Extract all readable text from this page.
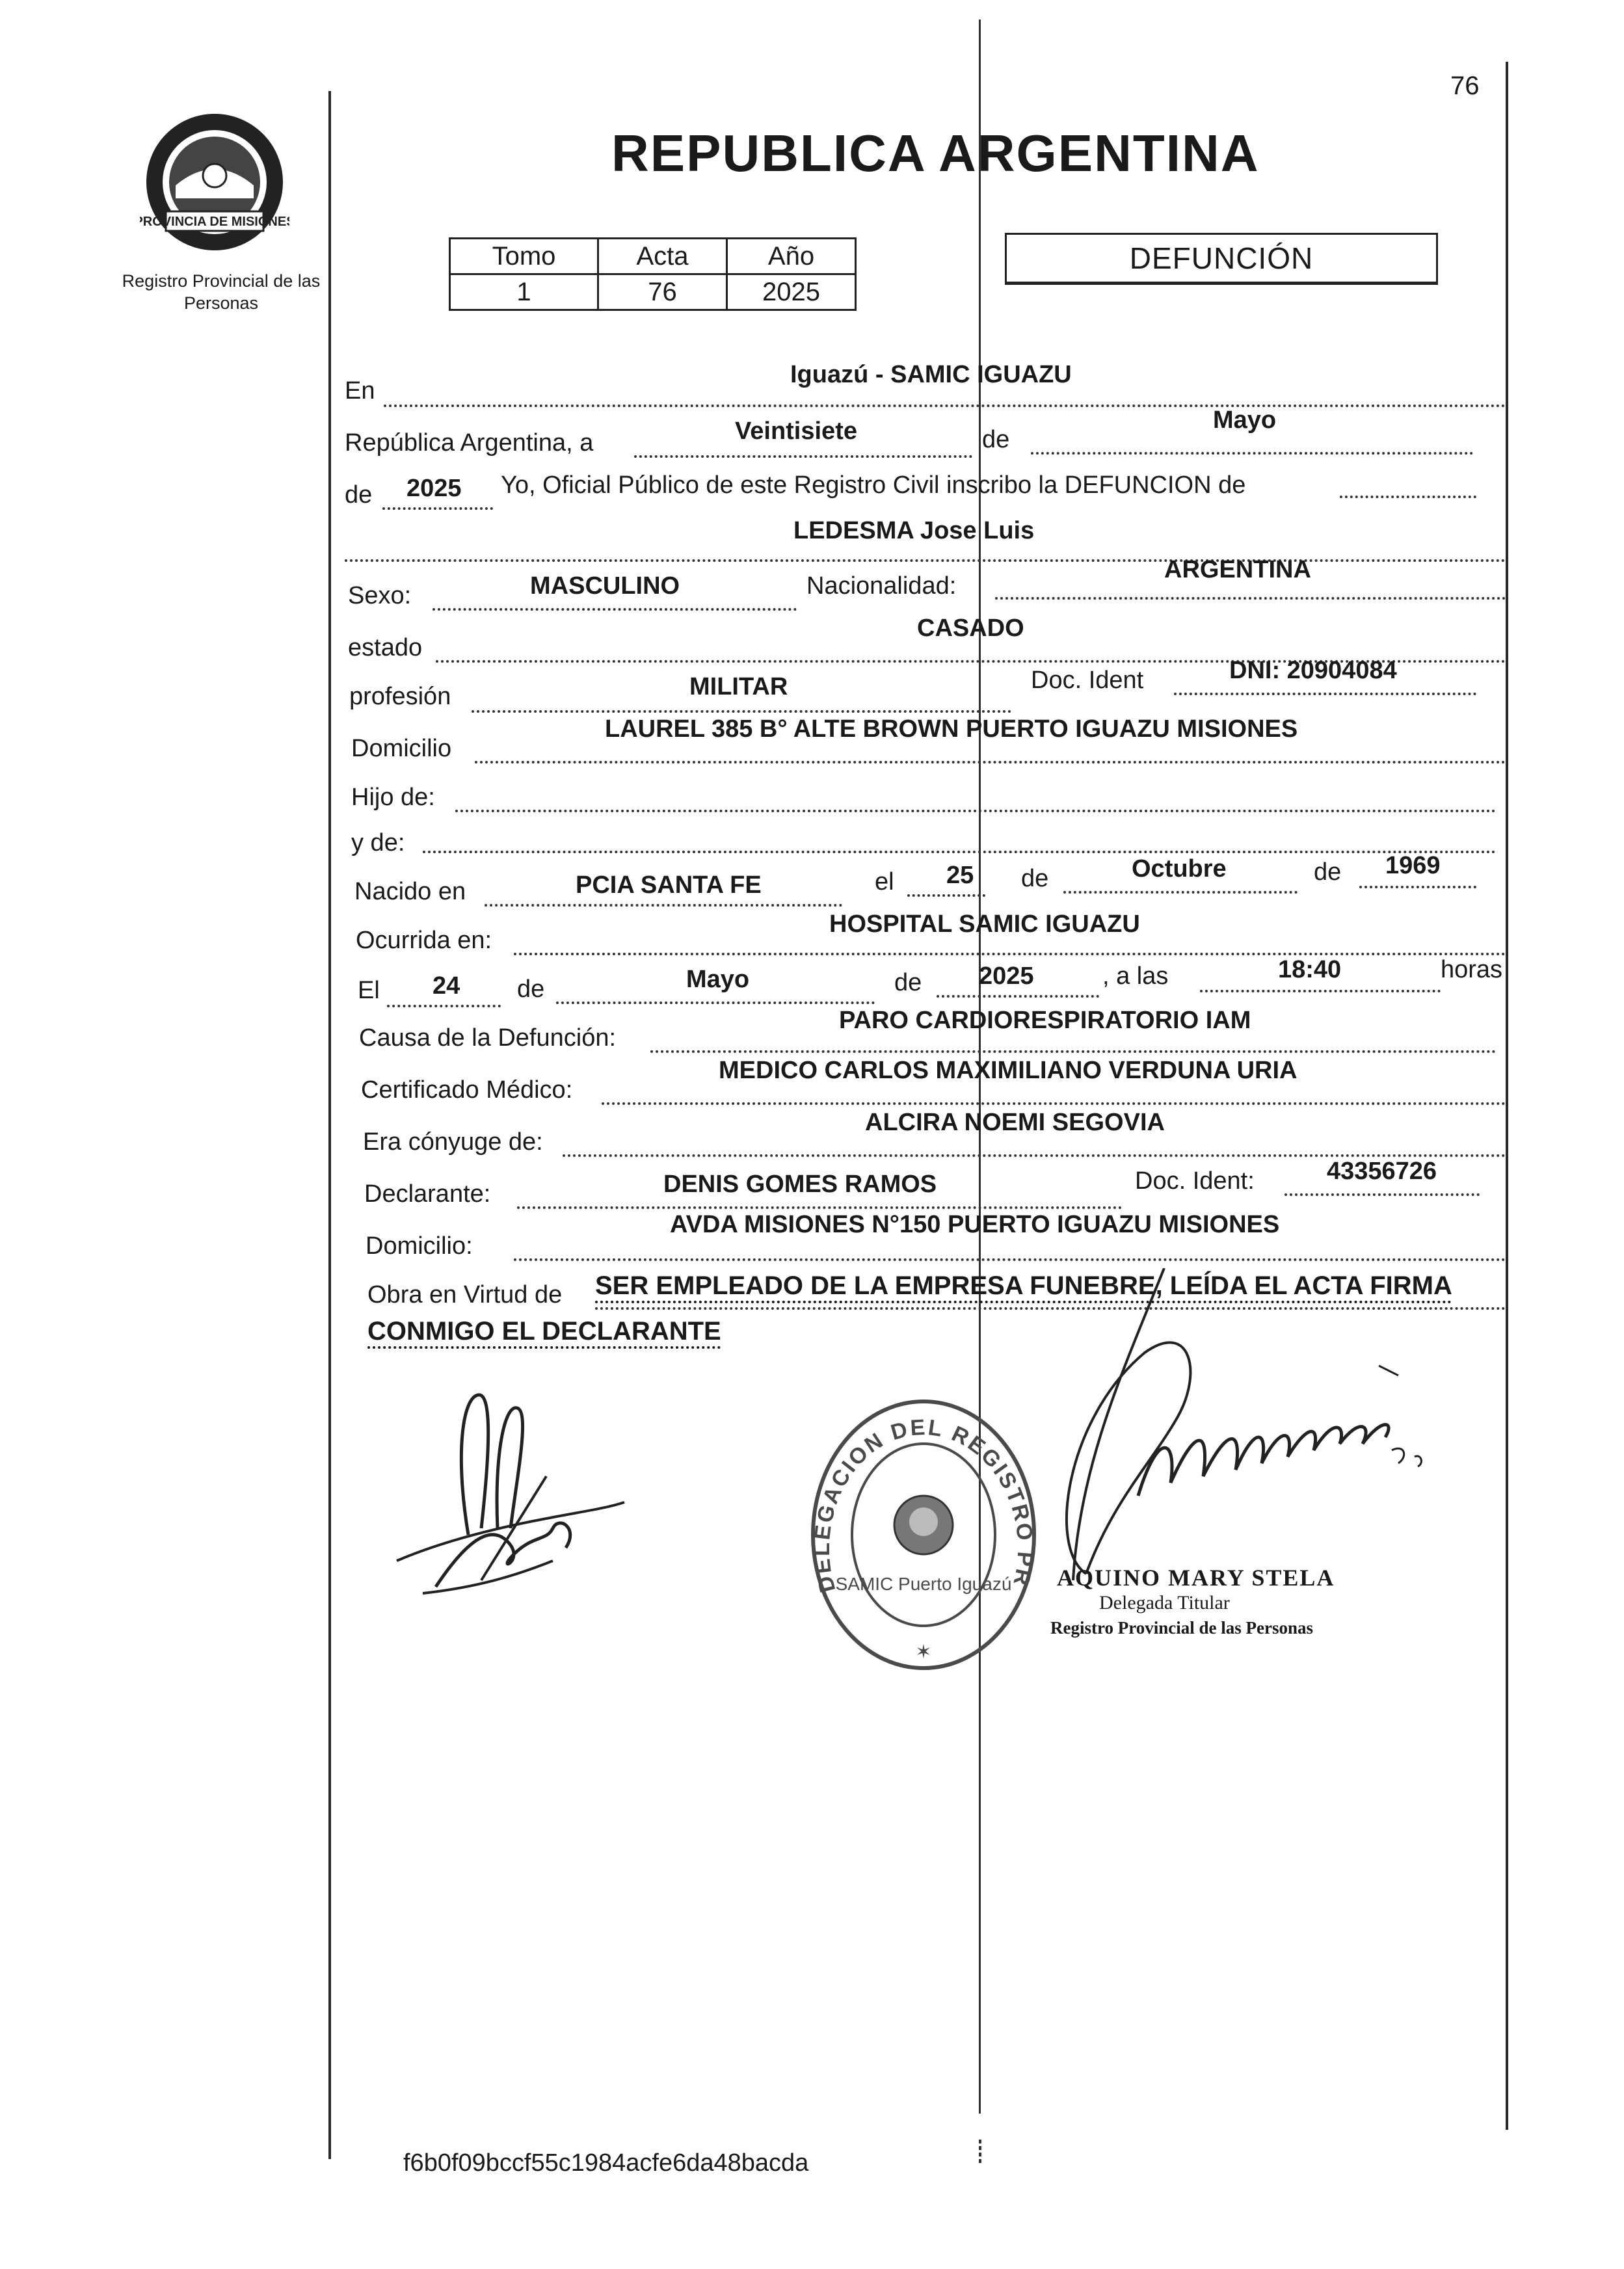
PROVINCIA DE MISIONES
Registro Provincial de las Personas
76
REPUBLICA ARGENTINA
Tomo	Acta	Año
1	76	2025
DEFUNCIÓN
En
Iguazú - SAMIC IGUAZU
República Argentina, a	Veintisiete	de
Mayo
de 2025 Yo, Oficial Público de este Registro Civil inscribo la DEFUNCION de
LEDESMA Jose Luis
Sexo:	MASCULINO	Nacionalidad:
ARGENTINA
estado
CASADO
profesión	MILITAR	Doc. Ident	DNI: 20904084
Domicilio
LAUREL 385 B° ALTE BROWN PUERTO IGUAZU MISIONES
Hijo de:
y de:
Nacido en	PCIA SANTA FE	el 25 de	Octubre	de 1969
Ocurrida en:
HOSPITAL SAMIC IGUAZU
El 24 de	Mayo	de 2025	, a las	18:40	horas
Causa de la Defunción:
PARO CARDIORESPIRATORIO IAM
Certificado Médico:
MEDICO CARLOS MAXIMILIANO VERDUNA URIA
Era cónyuge de:
ALCIRA NOEMI SEGOVIA
Declarante:	DENIS GOMES RAMOS	Doc. Ident:	43356726
Domicilio:
AVDA MISIONES N°150 PUERTO IGUAZU MISIONES
Obra en Virtud de SER EMPLEADO DE LA EMPRESA FUNEBRE, LEÍDA EL ACTA FIRMA
CONMIGO EL DECLARANTE
DELEGACION DEL REGISTRO PR
SAMIC Puerto Iguazú
✶
AQUINO MARY STELA
Delegada Titular
Registro Provincial de las Personas
f6b0f09bccf55c1984acfe6da48bacda
